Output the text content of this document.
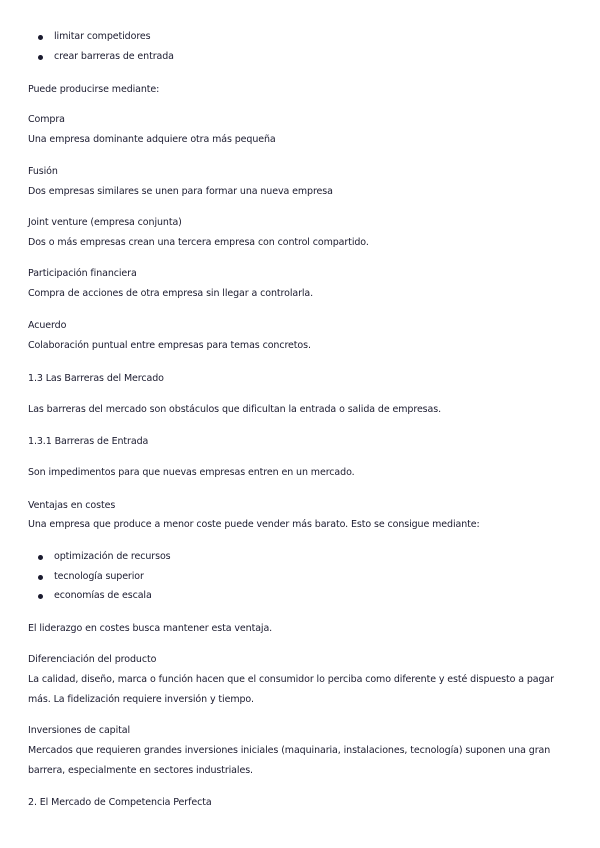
limitar competidores
crear barreras de entrada
Puede producirse mediante:
Compra
Una empresa dominante adquiere otra más pequeña
Fusión
Dos empresas similares se unen para formar una nueva empresa
Joint venture (empresa conjunta)
Dos o más empresas crean una tercera empresa con control compartido.
Participación financiera
Compra de acciones de otra empresa sin llegar a controlarla.
Acuerdo
Colaboración puntual entre empresas para temas concretos.
1.3 Las Barreras del Mercado
Las barreras del mercado son obstáculos que dificultan la entrada o salida de empresas.
1.3.1 Barreras de Entrada
Son impedimentos para que nuevas empresas entren en un mercado.
Ventajas en costes
Una empresa que produce a menor coste puede vender más barato. Esto se consigue mediante:
optimización de recursos
tecnología superior
economías de escala
El liderazgo en costes busca mantener esta ventaja.
Diferenciación del producto
La calidad, diseño, marca o función hacen que el consumidor lo perciba como diferente y esté dispuesto a pagar
más. La fidelización requiere inversión y tiempo.
Inversiones de capital
Mercados que requieren grandes inversiones iniciales (maquinaria, instalaciones, tecnología) suponen una gran
barrera, especialmente en sectores industriales.
2. El Mercado de Competencia Perfecta
